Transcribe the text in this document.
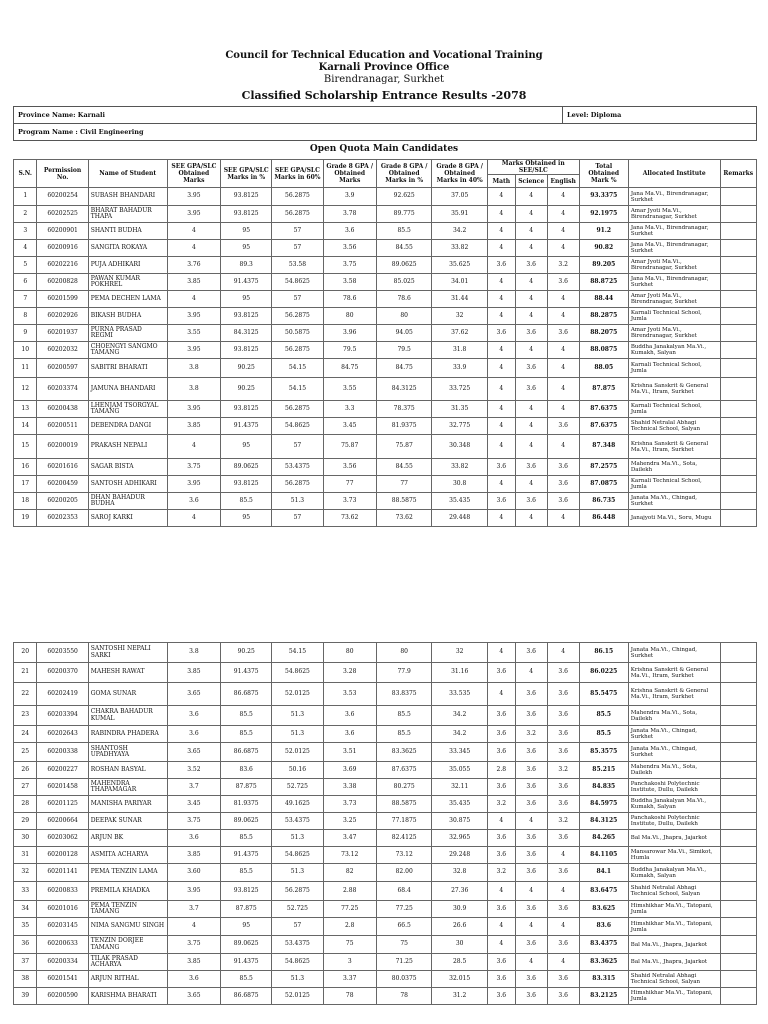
Council for Technical Education and Vocational Training
Karnali Province Office
Birendranagar, Surkhet
Classified Scholarship Entrance Results -2078
Province Name: Karnali	Level: Diploma
Program Name : Civil Engineering
Open Quota Main Candidates
S.N.	Permission No.	Name of Student	SEE GPA/SLC Obtained Marks	SEE GPA/SLC Marks in %	SEE GPA/SLC Marks in 60%	Grade 8 GPA / Obtained Marks	Grade 8 GPA / Obtained Marks in %	Grade 8 GPA / Obtained Marks in 40%	Marks Obtained in SEE/SLC			Total Obtained Mark %	Allocated Institute	Remarks
									Math	Science	English			
1	60200254	SUBASH BHANDARI	3.95	93.8125	56.2875	3.9	92.625	37.05	4	4	4	93.3375	Jana Ma.Vi., Birendranagar, Surkhet	
2	60202525	BHARAT BAHADUR THAPA	3.95	93.8125	56.2875	3.78	89.775	35.91	4	4	4	92.1975	Amar Jyoti Ma.Vi., Birendranagar, Surkhet	
3	60200901	SHANTI BUDHA	4	95	57	3.6	85.5	34.2	4	4	4	91.2	Jana Ma.Vi., Birendranagar, Surkhet	
4	60200916	SANGITA ROKAYA	4	95	57	3.56	84.55	33.82	4	4	4	90.82	Jana Ma.Vi., Birendranagar, Surkhet	
5	60202216	PUJA ADHIKARI	3.76	89.3	53.58	3.75	89.0625	35.625	3.6	3.6	3.2	89.205	Amar Jyoti Ma.Vi., Birendranagar, Surkhet	
6	60200828	PAWAN KUMAR POKHREL	3.85	91.4375	54.8625	3.58	85.025	34.01	4	4	3.6	88.8725	Jana Ma.Vi., Birendranagar, Surkhet	
7	60201599	PEMA DECHEN LAMA	4	95	57	78.6	78.6	31.44	4	4	4	88.44	Amar Jyoti Ma.Vi., Birendranagar, Surkhet	
8	60202926	BIKASH BUDHA	3.95	93.8125	56.2875	80	80	32	4	4	4	88.2875	Karnali Technical School, Jumla	
9	60201937	PURNA PRASAD REGMI	3.55	84.3125	50.5875	3.96	94.05	37.62	3.6	3.6	3.6	88.2075	Amar Jyoti Ma.Vi., Birendranagar, Surkhet	
10	60202032	CHOENGYI SANGMO TAMANG	3.95	93.8125	56.2875	79.5	79.5	31.8	4	4	4	88.0875	Buddha Janakalyan Ma.Vi., Kumakh, Salyan	
11	60200597	SABITRI BHARATI	3.8	90.25	54.15	84.75	84.75	33.9	4	3.6	4	88.05	Karnali Technical School, Jumla	
12	60203374	JAMUNA BHANDARI	3.8	90.25	54.15	3.55	84.3125	33.725	4	3.6	4	87.875	Krishna Sanskrit & General Ma.Vi., Itram, Surkhet	
13	60200438	LHENJAM TSORGYAL TAMANG	3.95	93.8125	56.2875	3.3	78.375	31.35	4	4	4	87.6375	Karnali Technical School, Jumla	
14	60200511	DEBENDRA DANGI	3.85	91.4375	54.8625	3.45	81.9375	32.775	4	4	3.6	87.6375	Shahid Netralal Abhagi Technical School, Salyan	
15	60200019	PRAKASH NEPALI	4	95	57	75.87	75.87	30.348	4	4	4	87.348	Krishna Sanskrit & General Ma.Vi., Itram, Surkhet	
16	60201616	SAGAR BISTA	3.75	89.0625	53.4375	3.56	84.55	33.82	3.6	3.6	3.6	87.2575	Mahendra Ma.Vi., Sota, Dailekh	
17	60200459	SANTOSH ADHIKARI	3.95	93.8125	56.2875	77	77	30.8	4	4	3.6	87.0875	Karnali Technical School, Jumla	
18	60200205	DHAN BAHADUR BUDHA	3.6	85.5	51.3	3.73	88.5875	35.435	3.6	3.6	3.6	86.735	Janata Ma.Vi., Chingad, Surkhet	
19	60202353	SAROJ KARKI	4	95	57	73.62	73.62	29.448	4	4	4	86.448	Janajyoti Ma.Vi., Soru, Mugu	
20	60203550	SANTOSHI NEPALI SARKI	3.8	90.25	54.15	80	80	32	4	3.6	4	86.15	Janata Ma.Vi., Chingad, Surkhet	
21	60200370	MAHESH RAWAT	3.85	91.4375	54.8625	3.28	77.9	31.16	3.6	4	3.6	86.0225	Krishna Sanskrit & General Ma.Vi., Itram, Surkhet	
22	60202419	GOMA SUNAR	3.65	86.6875	52.0125	3.53	83.8375	33.535	4	3.6	3.6	85.5475	Krishna Sanskrit & General Ma.Vi., Itram, Surkhet	
23	60203394	CHAKRA BAHADUR KUMAL	3.6	85.5	51.3	3.6	85.5	34.2	3.6	3.6	3.6	85.5	Mahendra Ma.Vi., Sota, Dailekh	
24	60202643	RABINDRA PHADERA	3.6	85.5	51.3	3.6	85.5	34.2	3.6	3.2	3.6	85.5	Janata Ma.Vi., Chingad, Surkhet	
25	60200338	SHANTOSH UPADHYAYA	3.65	86.6875	52.0125	3.51	83.3625	33.345	3.6	3.6	3.6	85.3575	Janata Ma.Vi., Chingad, Surkhet	
26	60200227	ROSHAN BASYAL	3.52	83.6	50.16	3.69	87.6375	35.055	2.8	3.6	3.2	85.215	Mahendra Ma.Vi., Sota, Dailekh	
27	60201458	MAHENDRA THAPAMAGAR	3.7	87.875	52.725	3.38	80.275	32.11	3.6	3.6	3.6	84.835	Panchakoshi Polytechnic Institute, Dullu, Dailekh	
28	60201125	MANISHA PARIYAR	3.45	81.9375	49.1625	3.73	88.5875	35.435	3.2	3.6	3.6	84.5975	Buddha Janakalyan Ma.Vi., Kumakh, Salyan	
29	60200664	DEEPAK SUNAR	3.75	89.0625	53.4375	3.25	77.1875	30.875	4	4	3.2	84.3125	Panchakoshi Polytechnic Institute, Dullu, Dailekh	
30	60203062	ARJUN BK	3.6	85.5	51.3	3.47	82.4125	32.965	3.6	3.6	3.6	84.265	Bal Ma.Vi., Jhapra, Jajarkot	
31	60200128	ASMITA ACHARYA	3.85	91.4375	54.8625	73.12	73.12	29.248	3.6	3.6	4	84.1105	Mansarowar Ma.Vi., Simikot, Humla	
32	60201141	PEMA TENZIN LAMA	3.60	85.5	51.3	82	82.00	32.8	3.2	3.6	3.6	84.1	Buddha Janakalyan Ma.Vi., Kumakh, Salyan	
33	60200833	PREMILA KHADKA	3.95	93.8125	56.2875	2.88	68.4	27.36	4	4	4	83.6475	Shahid Netralal Abhagi Technical School, Salyan	
34	60201016	PEMA TENZIN TAMANG	3.7	87.875	52.725	77.25	77.25	30.9	3.6	3.6	3.6	83.625	Himshikhar Ma.Vi., Tatopani, Jumla	
35	60203145	NIMA SANGMU SINGH	4	95	57	2.8	66.5	26.6	4	4	4	83.6	Himshikhar Ma.Vi., Tatopani, Jumla	
36	60200633	TENZIN DORJEE TAMANG	3.75	89.0625	53.4375	75	75	30	4	3.6	3.6	83.4375	Bal Ma.Vi., Jhapra, Jajarkot	
37	60200334	TILAK PRASAD ACHARYA	3.85	91.4375	54.8625	3	71.25	28.5	3.6	4	4	83.3625	Bal Ma.Vi., Jhapra, Jajarkot	
38	60201541	ARJUN RITHAL	3.6	85.5	51.3	3.37	80.0375	32.015	3.6	3.6	3.6	83.315	Shahid Netralal Abhagi Technical School, Salyan	
39	60200590	KARISHMA BHARATI	3.65	86.6875	52.0125	78	78	31.2	3.6	3.6	3.6	83.2125	Himshikhar Ma.Vi., Tatopani, Jumla	
